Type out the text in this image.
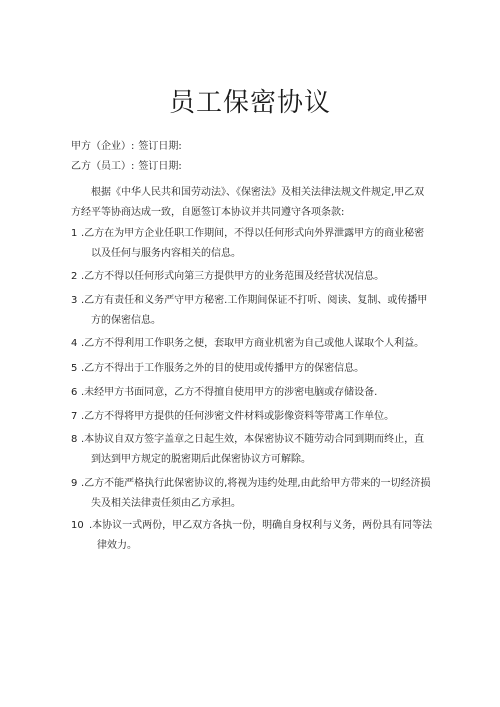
员工保密协议
甲方（企业）: 签订日期:
乙方（员工）: 签订日期:

根据《中华人民共和国劳动法》、《保密法》及相关法律法规文件规定,甲乙双方经平等协商达成一致，自愿签订本协议并共同遵守各项条款:

1 .乙方在为甲方企业任职工作期间，不得以任何形式向外界泄露甲方的商业秘密以及任何与服务内容相关的信息。
2 .乙方不得以任何形式向第三方提供甲方的业务范围及经营状况信息。
3 .乙方有责任和义务严守甲方秘密.工作期间保证不打听、阅读、复制、或传播甲方的保密信息。
4 .乙方不得利用工作职务之便，套取甲方商业机密为自己或他人谋取个人利益。
5 .乙方不得出于工作服务之外的目的使用或传播甲方的保密信息。
6 .未经甲方书面同意，乙方不得擅自使用甲方的涉密电脑或存储设备.
7 .乙方不得将甲方提供的任何涉密文件材料或影像资料等带离工作单位。
8 .本协议自双方签字盖章之日起生效，本保密协议不随劳动合同到期而终止，直到达到甲方规定的脱密期后此保密协议方可解除。
9 .乙方不能严格执行此保密协议的,将视为违约处理,由此给甲方带来的一切经济损失及相关法律责任须由乙方承担。
10 .本协议一式两份，甲乙双方各执一份，明确自身权利与义务，两份具有同等法律效力。
